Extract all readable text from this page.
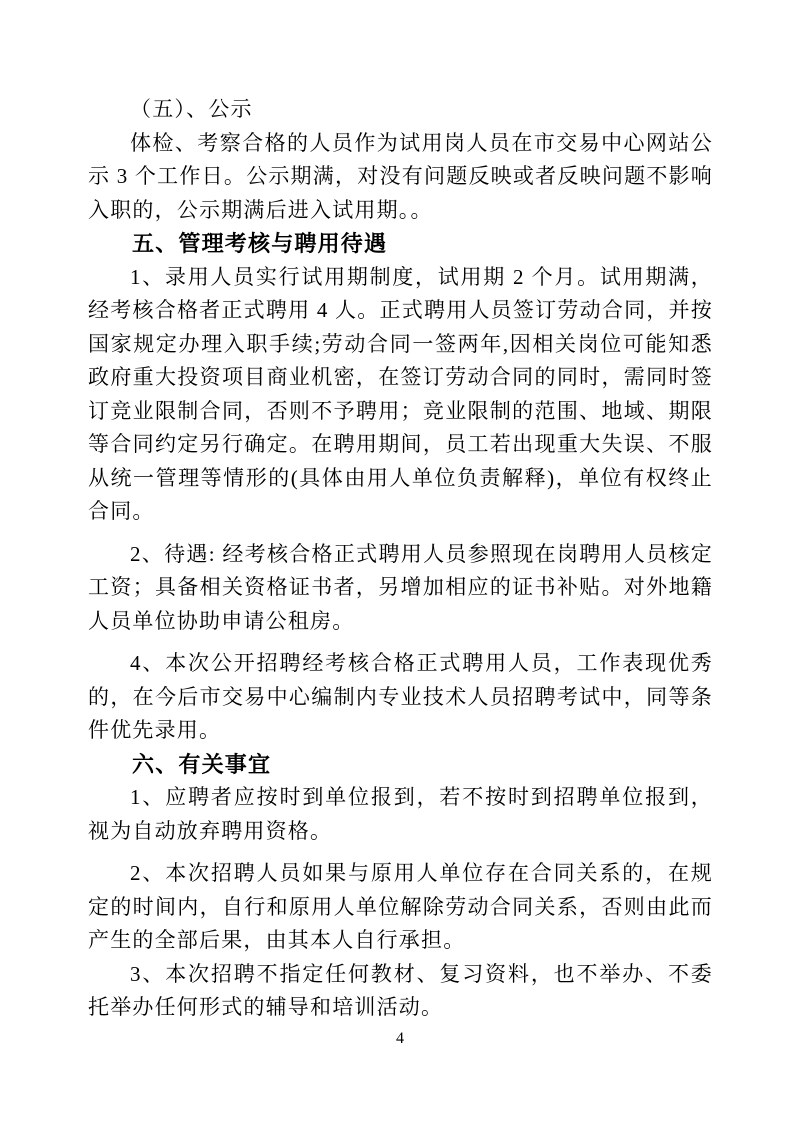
（五）、公示
体检、考察合格的人员作为试用岗人员在市交易中心网站公示 3 个工作日。公示期满，对没有问题反映或者反映问题不影响入职的，公示期满后进入试用期。。
五、管理考核与聘用待遇
1、录用人员实行试用期制度，试用期 2 个月。试用期满，经考核合格者正式聘用 4 人。正式聘用人员签订劳动合同，并按国家规定办理入职手续;劳动合同一签两年,因相关岗位可能知悉政府重大投资项目商业机密，在签订劳动合同的同时，需同时签订竞业限制合同，否则不予聘用；竞业限制的范围、地域、期限等合同约定另行确定。在聘用期间，员工若出现重大失误、不服从统一管理等情形的(具体由用人单位负责解释)，单位有权终止合同。
2、待遇: 经考核合格正式聘用人员参照现在岗聘用人员核定工资；具备相关资格证书者，另增加相应的证书补贴。对外地籍人员单位协助申请公租房。
4、本次公开招聘经考核合格正式聘用人员，工作表现优秀的，在今后市交易中心编制内专业技术人员招聘考试中，同等条件优先录用。
六、有关事宜
1、应聘者应按时到单位报到，若不按时到招聘单位报到，视为自动放弃聘用资格。
2、本次招聘人员如果与原用人单位存在合同关系的，在规定的时间内，自行和原用人单位解除劳动合同关系，否则由此而产生的全部后果，由其本人自行承担。
3、本次招聘不指定任何教材、复习资料，也不举办、不委托举办任何形式的辅导和培训活动。
4
